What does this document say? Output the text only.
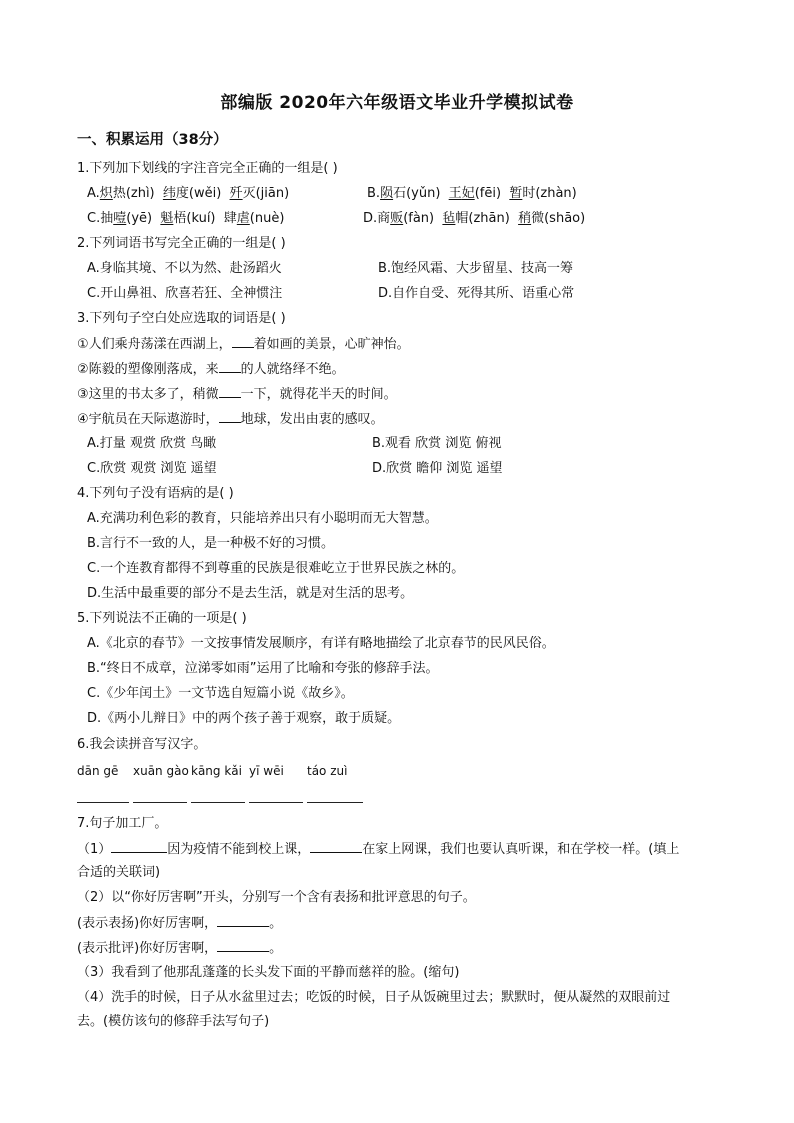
部编版 2020年六年级语文毕业升学模拟试卷
一、积累运用（38分）
1.下列加下划线的字注音完全正确的一组是( )
A.炽热(zhì) 纬度(wěi) 歼灭(jiān)	B.陨石(yǔn) 王妃(fēi) 暂时(zhàn)
C.抽噎(yē) 魁梧(kuí) 肆虐(nuè)	D.商贩(fàn) 毡帽(zhān) 稍微(shāo)
2.下列词语书写完全正确的一组是( )
A.身临其境、不以为然、赴汤蹈火	B.饱经风霜、大步留星、技高一筹
C.开山鼻祖、欣喜若狂、全神惯注	D.自作自受、死得其所、语重心常
3.下列句子空白处应选取的词语是( )
①人们乘舟荡漾在西湖上， 着如画的美景，心旷神怡。
②陈毅的塑像刚落成，来 的人就络绎不绝。
③这里的书太多了，稍微 一下，就得花半天的时间。
④宇航员在天际遨游时， 地球，发出由衷的感叹。
A.打量 观赏 欣赏 鸟瞰	B.观看 欣赏 浏览 俯视
C.欣赏 观赏 浏览 遥望	D.欣赏 瞻仰 浏览 遥望
4.下列句子没有语病的是( )
A.充满功利色彩的教育，只能培养出只有小聪明而无大智慧。
B.言行不一致的人，是一种极不好的习惯。
C.一个连教育都得不到尊重的民族是很难屹立于世界民族之林的。
D.生活中最重要的部分不是去生活，就是对生活的思考。
5.下列说法不正确的一项是( )
A.《北京的春节》一文按事情发展顺序，有详有略地描绘了北京春节的民风民俗。
B.“终日不成章，泣涕零如雨”运用了比喻和夸张的修辞手法。
C.《少年闰土》一文节选自短篇小说《故乡》。
D.《两小儿辩日》中的两个孩子善于观察，敢于质疑。
6.我会读拼音写汉字。
dān gē xuān gào kāng kǎi yī wēi táo zuì
7.句子加工厂。
（1）	因为疫情不能到校上课，	在家上网课，我们也要认真听课，和在学校一样。(填上
合适的关联词)
（2）以“你好厉害啊”开头，分别写一个含有表扬和批评意思的句子。
(表示表扬)你好厉害啊，	。
(表示批评)你好厉害啊，	。
（3）我看到了他那乱蓬蓬的长头发下面的平静而慈祥的脸。(缩句)
（4）洗手的时候，日子从水盆里过去；吃饭的时候，日子从饭碗里过去；默默时，便从凝然的双眼前过
去。(模仿该句的修辞手法写句子)
